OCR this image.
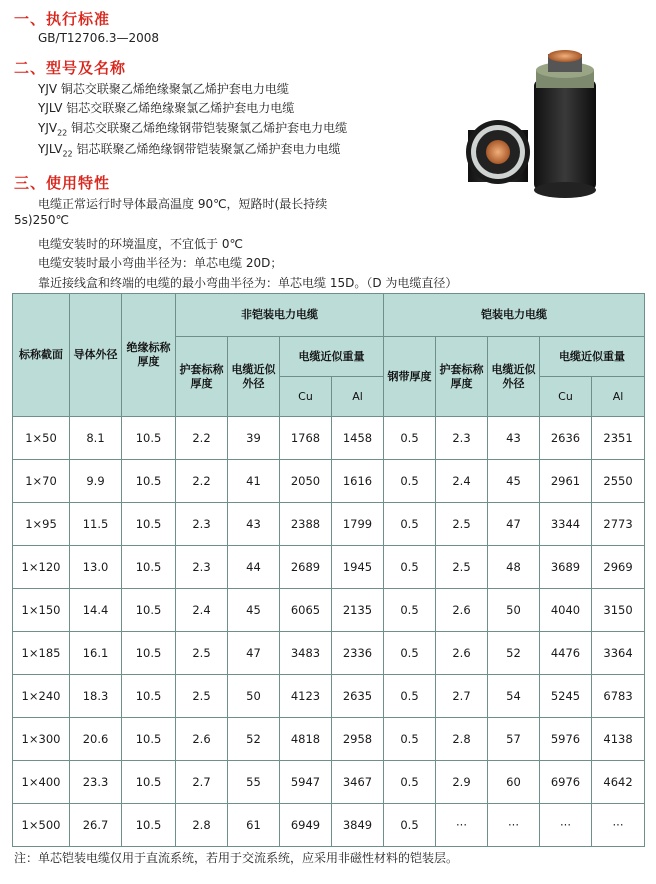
一、执行标准
GB/T12706.3—2008
二、型号及名称
YJV 铜芯交联聚乙烯绝缘聚氯乙烯护套电力电缆
YJLV 铝芯交联聚乙烯绝缘聚氯乙烯护套电力电缆
$YJV_{22}$ 铜芯交联聚乙烯绝缘钢带铠装聚氯乙烯护套电力电缆
$YJLV_{22}$ 铝芯联聚乙烯绝缘钢带铠装聚氯乙烯护套电力电缆
三、使用特性
电缆正常运行时导体最高温度 90℃，短路时(最长持续
5s)250℃
电缆安装时的环境温度，不宜低于 0℃
电缆安装时最小弯曲半径为：单芯电缆 20D；
靠近接线盒和终端的电缆的最小弯曲半径为：单芯电缆 15D。（D 为电缆直径）
标称截面	导体外径	绝缘标称厚度	非铠装电力电缆				铠装电力电缆				
			护套标称厚度	电缆近似外径	电缆近似重量		钢带厚度	护套标称厚度	电缆近似外径	电缆近似重量	
					Cu	Al				Cu	Al
1×50	8.1	10.5	2.2	39	1768	1458	0.5	2.3	43	2636	2351
1×70	9.9	10.5	2.2	41	2050	1616	0.5	2.4	45	2961	2550
1×95	11.5	10.5	2.3	43	2388	1799	0.5	2.5	47	3344	2773
1×120	13.0	10.5	2.3	44	2689	1945	0.5	2.5	48	3689	2969
1×150	14.4	10.5	2.4	45	6065	2135	0.5	2.6	50	4040	3150
1×185	16.1	10.5	2.5	47	3483	2336	0.5	2.6	52	4476	3364
1×240	18.3	10.5	2.5	50	4123	2635	0.5	2.7	54	5245	6783
1×300	20.6	10.5	2.6	52	4818	2958	0.5	2.8	57	5976	4138
1×400	23.3	10.5	2.7	55	5947	3467	0.5	2.9	60	6976	4642
1×500	26.7	10.5	2.8	61	6949	3849	0.5	···	···	···	···
注：单芯铠装电缆仅用于直流系统，若用于交流系统，应采用非磁性材料的铠装层。
